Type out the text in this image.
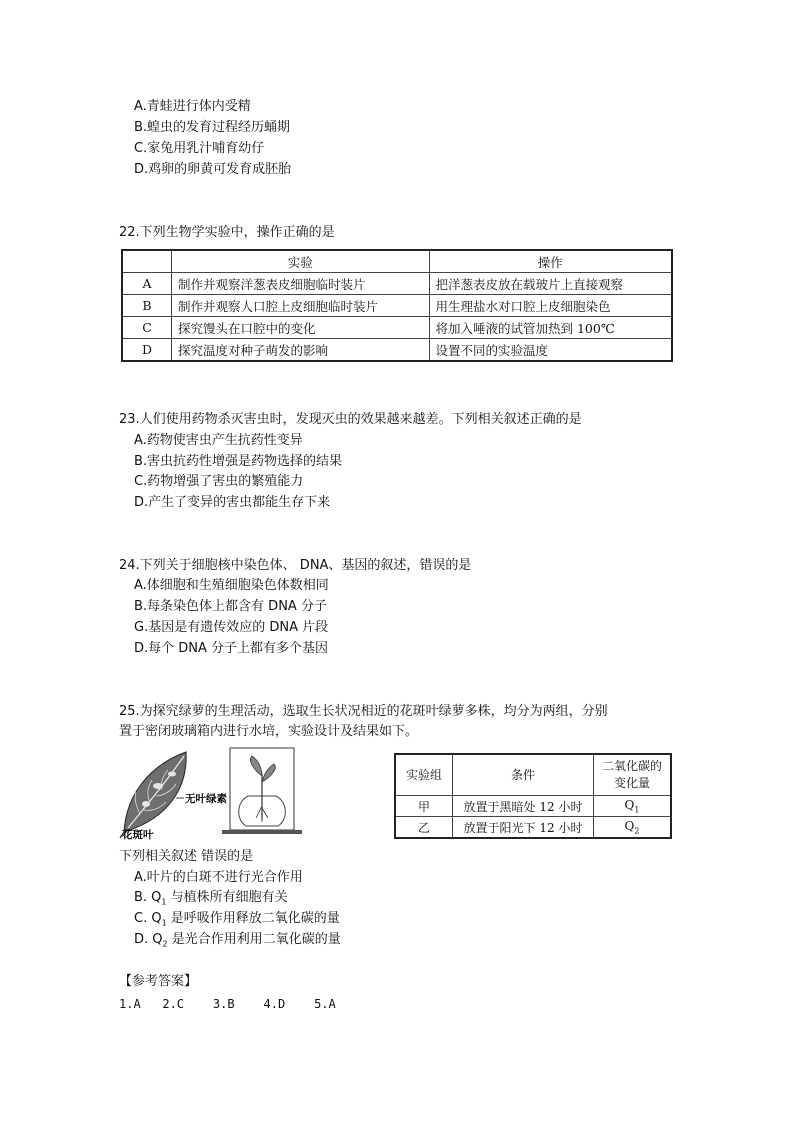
A.青蛙进行体内受精
B.蝗虫的发育过程经历蛹期
C.家兔用乳汁哺育幼仔
D.鸡卵的卵黄可发育成胚胎
22.下列生物学实验中，操作正确的是
	实验	操作
A	制作并观察洋葱表皮细胞临时装片	把洋葱表皮放在载玻片上直接观察
B	制作并观察人口腔上皮细胞临时装片	用生理盐水对口腔上皮细胞染色
C	探究馒头在口腔中的变化	将加入唾液的试管加热到 100℃
D	探究温度对种子萌发的影响	设置不同的实验温度
23.人们使用药物杀灭害虫时，发现灭虫的效果越来越差。下列相关叙述正确的是
A.药物使害虫产生抗药性变异
B.害虫抗药性增强是药物选择的结果
C.药物增强了害虫的繁殖能力
D.产生了变异的害虫都能生存下来
24.下列关于细胞核中染色体、 DNA、基因的叙述，错误的是
A.体细胞和生殖细胞染色体数相同
B.每条染色体上都含有 DNA 分子
G.基因是有遗传效应的 DNA 片段
D.每个 DNA 分子上都有多个基因
25.为探究绿萝的生理活动，选取生长状况相近的花斑叶绿萝多株，均分为两组，分别
置于密闭玻璃箱内进行水培，实验设计及结果如下。
无叶绿素
花斑叶
实验组	条件	二氧化碳的
变化量
甲	放置于黑暗处 12 小时	$Q_1$
乙	放置于阳光下 12 小时	$Q_2$
下列相关叙述 错误的是
A.叶片的白斑不进行光合作用
B. $Q_1$ 与植株所有细胞有关
C. $Q_1$ 是呼吸作用释放二氧化碳的量
D. $Q_2$ 是光合作用利用二氧化碳的量
【参考答案】
1.A   2.C    3.B    4.D    5.A
